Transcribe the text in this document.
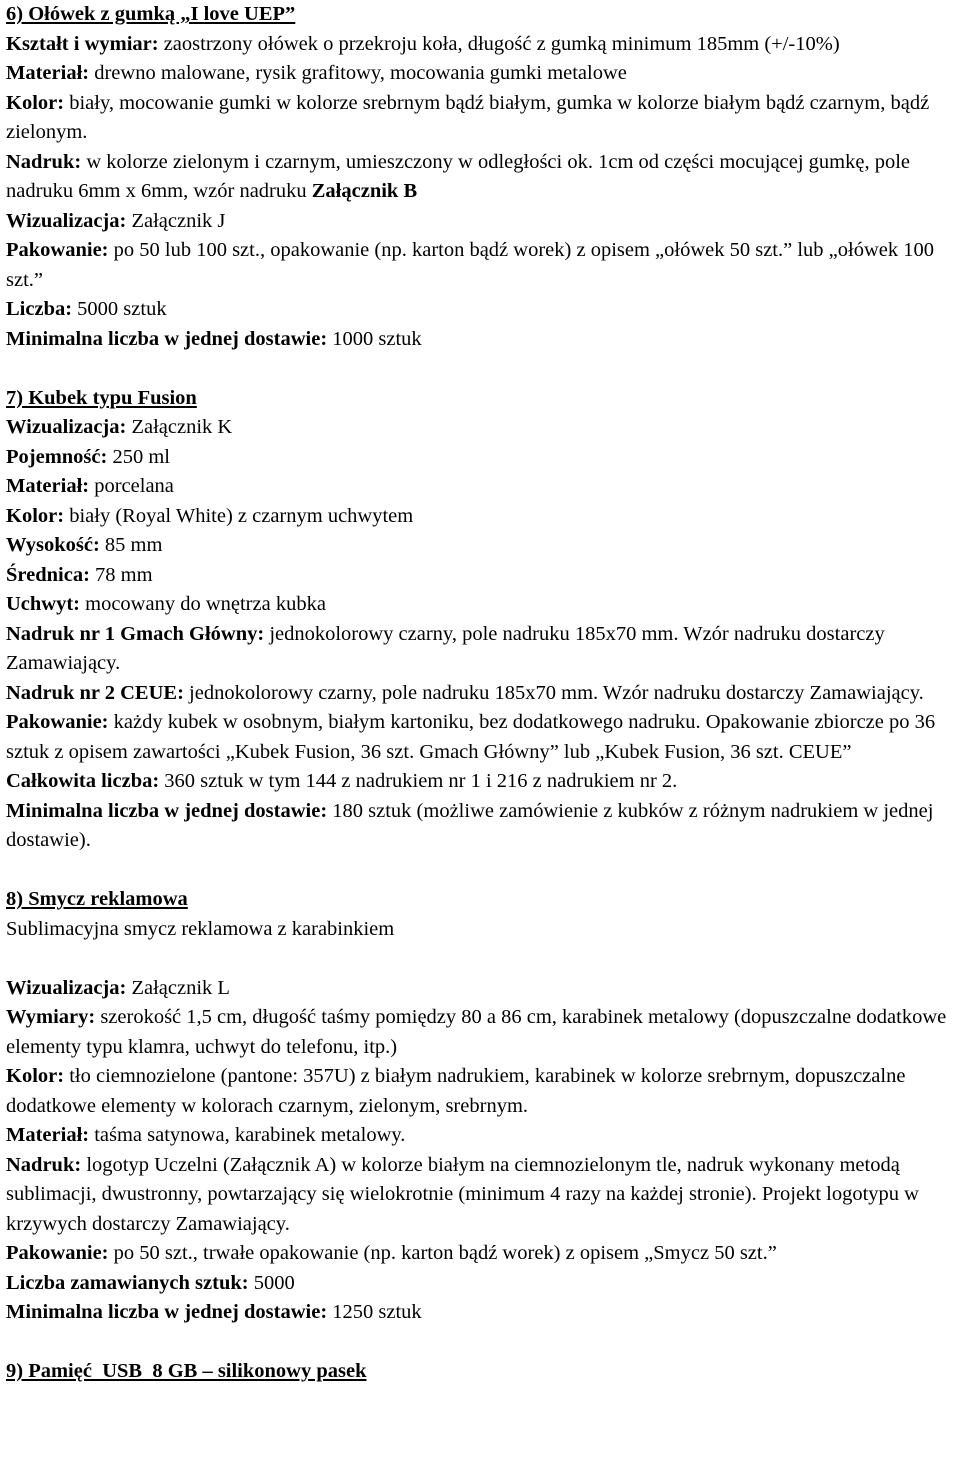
6) Ołówek z gumką „I love UEP”

Kształt i wymiar: zaostrzony ołówek o przekroju koła, długość z gumką minimum 185mm (+/-10%)

Materiał: drewno malowane, rysik grafitowy, mocowania gumki metalowe

Kolor: biały, mocowanie gumki w kolorze srebrnym bądź białym, gumka w kolorze białym bądź czarnym, bądź zielonym.

Nadruk: w kolorze zielonym i czarnym, umieszczony w odległości ok. 1cm od części mocującej gumkę, pole nadruku 6mm x 6mm, wzór nadruku Załącznik B

Wizualizacja: Załącznik J

Pakowanie: po 50 lub 100 szt., opakowanie (np. karton bądź worek) z opisem „ołówek 50 szt.” lub „ołówek 100 szt.”

Liczba: 5000 sztuk

Minimalna liczba w jednej dostawie: 1000 sztuk

7) Kubek typu Fusion

Wizualizacja: Załącznik K

Pojemność: 250 ml

Materiał: porcelana

Kolor: biały (Royal White) z czarnym uchwytem

Wysokość: 85 mm

Średnica: 78 mm

Uchwyt: mocowany do wnętrza kubka

Nadruk nr 1 Gmach Główny: jednokolorowy czarny, pole nadruku 185x70 mm. Wzór nadruku dostarczy Zamawiający.

Nadruk nr 2 CEUE: jednokolorowy czarny, pole nadruku 185x70 mm. Wzór nadruku dostarczy Zamawiający.

Pakowanie: każdy kubek w osobnym, białym kartoniku, bez dodatkowego nadruku. Opakowanie zbiorcze po 36 sztuk z opisem zawartości „Kubek Fusion, 36 szt. Gmach Główny” lub „Kubek Fusion, 36 szt. CEUE”

Całkowita liczba: 360 sztuk w tym 144 z nadrukiem nr 1 i 216 z nadrukiem nr 2.

Minimalna liczba w jednej dostawie: 180 sztuk (możliwe zamówienie z kubków z różnym nadrukiem w jednej dostawie).

8) Smycz reklamowa

Sublimacyjna smycz reklamowa z karabinkiem

Wizualizacja: Załącznik L

Wymiary: szerokość 1,5 cm, długość taśmy pomiędzy 80 a 86 cm, karabinek metalowy (dopuszczalne dodatkowe elementy typu klamra, uchwyt do telefonu, itp.)

Kolor: tło ciemnozielone (pantone: 357U) z białym nadrukiem, karabinek w kolorze srebrnym, dopuszczalne dodatkowe elementy w kolorach czarnym, zielonym, srebrnym.

Materiał: taśma satynowa, karabinek metalowy.

Nadruk: logotyp Uczelni (Załącznik A) w kolorze białym na ciemnozielonym tle, nadruk wykonany metodą sublimacji, dwustronny, powtarzający się wielokrotnie (minimum 4 razy na każdej stronie). Projekt logotypu w krzywych dostarczy Zamawiający.

Pakowanie: po 50 szt., trwałe opakowanie (np. karton bądź worek) z opisem „Smycz 50 szt.”

Liczba zamawianych sztuk: 5000

Minimalna liczba w jednej dostawie: 1250 sztuk

9) Pamięć  USB  8 GB – silikonowy pasek
